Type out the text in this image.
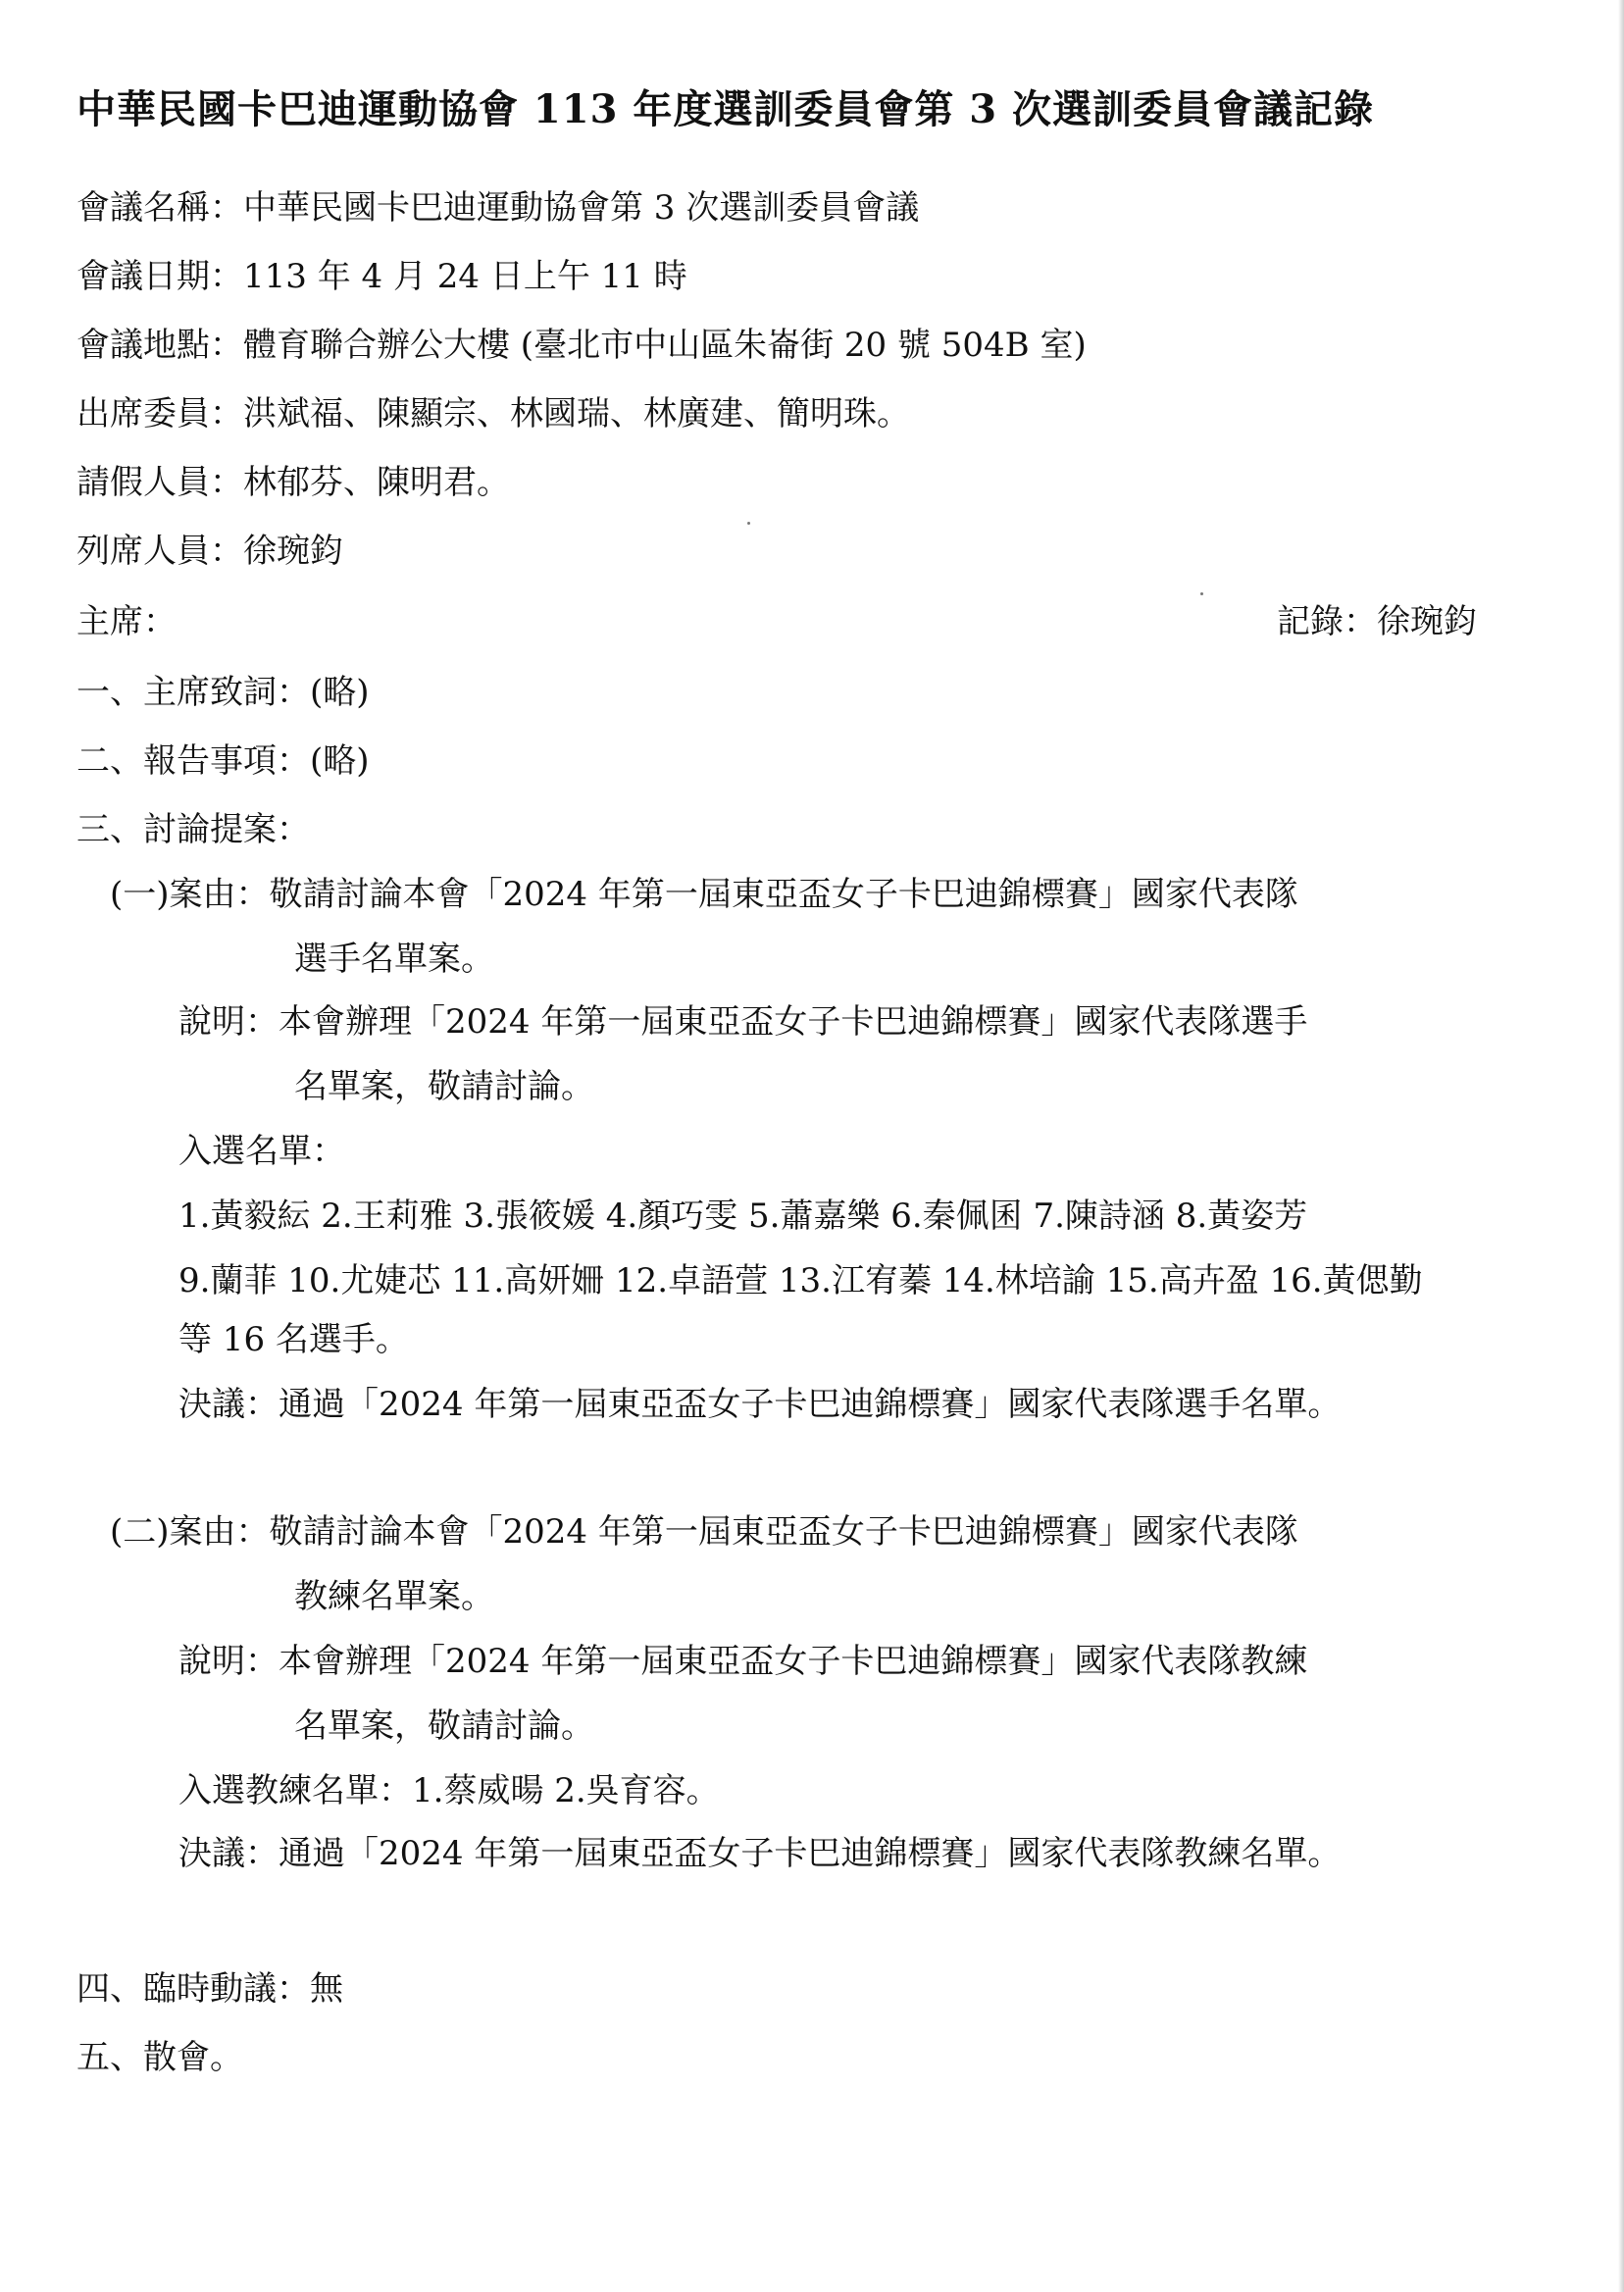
中華民國卡巴迪運動協會 113 年度選訓委員會第 3 次選訓委員會議記錄
會議名稱：中華民國卡巴迪運動協會第 3 次選訓委員會議
會議日期：113 年 4 月 24 日上午 11 時
會議地點：體育聯合辦公大樓 (臺北市中山區朱崙街 20 號 504B 室)
出席委員：洪斌福、陳顯宗、林國瑞、林廣建、簡明珠。
請假人員：林郁芬、陳明君。
列席人員：徐琬鈞
主席：	記錄：徐琬鈞
一、主席致詞：(略)
二、報告事項：(略)
三、討論提案：
(一)案由：敬請討論本會「2024 年第一屆東亞盃女子卡巴迪錦標賽」國家代表隊
選手名單案。
說明：本會辦理「2024 年第一屆東亞盃女子卡巴迪錦標賽」國家代表隊選手
名單案，敬請討論。
入選名單：
1.黃毅紜 2.王莉雅 3.張筱媛 4.顏巧雯 5.蕭嘉樂 6.秦佩囷 7.陳詩涵 8.黃姿芳
9.蘭菲 10.尤婕芯 11.高妍姍 12.卓語萱 13.江宥蓁 14.林培諭 15.高卉盈 16.黃偲勤
等 16 名選手。
決議：通過「2024 年第一屆東亞盃女子卡巴迪錦標賽」國家代表隊選手名單。
(二)案由：敬請討論本會「2024 年第一屆東亞盃女子卡巴迪錦標賽」國家代表隊
教練名單案。
說明：本會辦理「2024 年第一屆東亞盃女子卡巴迪錦標賽」國家代表隊教練
名單案，敬請討論。
入選教練名單：1.蔡威暘 2.吳育容。
決議：通過「2024 年第一屆東亞盃女子卡巴迪錦標賽」國家代表隊教練名單。
四、臨時動議：無
五、散會。
